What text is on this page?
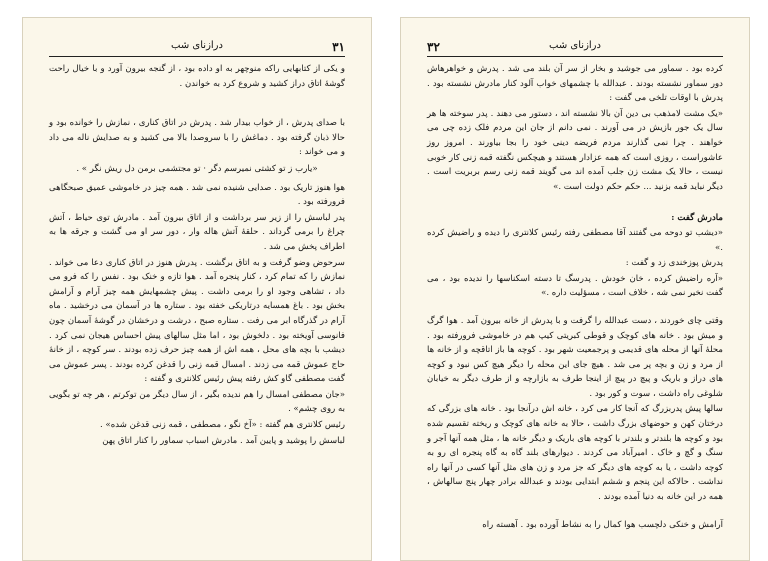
۳۱
درازنای شب

و یکی از کتابهایی راکه منوچهر به او داده بود ، از گنجه بیرون آورد و با خیال راحت گوشهٔ اتاق دراز کشید و شروع کرد به خواندن .

با صدای پدرش ، از خواب بیدار شد . پدرش در اتاق کناری ، نمازش را خوانده بود و حالا ذبان گرفته بود . دماغش را با سروصدا بالا می کشید و به صدایش ناله می داد و می خواند :

«یارب ز تو کشتی نمیرسم دگر · تو مجتشمی برمن دل ریش نگر » .

هوا هنوز تاریک بود . صدایی شنیده نمی شد . همه چیز در خاموشی عمیق صبحگاهی فرورفته بود .

پدر لباسش را از زیر سر برداشت و از اتاق بیرون آمد . مادرش توی حیاط ، آتش چراغ را برمی گرداند . حلقهٔ آتش هاله وار ، دور سر او می گشت و جرقه ها به اطراف پخش می شد .

سرحوض وضو گرفت و به اتاق برگشت . پدرش هنوز در اتاق کناری دعا می خواند . نمازش را که تمام کرد ، کنار پنجره آمد . هوا تازه و خنک بود . نفس را که فرو می داد ، تشاهی وجود او را برمی داشت . پیش چشمهایش همه چیز آرام و آرامش بخش بود . باغ همسایه درتاریکی خفته بود . ستاره ها در آسمان می درخشید . ماه آرام در گذرگاه ابر می رفت . ستاره صبح ، درشت و درخشان در گوشهٔ آسمان چون فانوسی آویخته بود . دلخوش بود ، اما مثل سالهای پیش احساس هیجان نمی کرد . دیشب با بچه های محل ، همه اش از همه چیز حرف زده بودند . سر کوچه ، از خانهٔ حاج عموش قمه می زدند . امسال قمه زنی را قدغن کرده بودند . پسر عموش می گفت مصطفی گاو کش رفته پیش رئیس کلانتری و گفته :

«جان مصطفی امسال را هم ندیده بگیر ، از سال دیگر من توکرتم ، هر چه تو بگویی به روی چشم» .

رئیس کلانتری هم گفته : «آخ نگو ، مصطفی ، قمه زنی قدغن شده» .

لباسش را پوشید و پایین آمد . مادرش اسباب سماور را کنار اتاق پهن

۳۲	درازنای شب

کرده بود . سماور می جوشید و بخار از سر آن بلند می شد . پدرش و خواهرهاش دور سماور نشسته بودند . عبدالله با چشمهای خواب آلود کنار مادرش نشسته بود . پدرش با اوقات تلخی می گفت :

«یک مشت لامذهب بی دین آن بالا نشسته اند ، دستور می دهند . پدر سوخته ها هر سال یک جور بازیش در می آورند . نمی دانم از جان این مردم فلک زده چی می خواهند . چرا نمی گذارند مردم فریضه دینی خود را بجا بیاورند . امروز روز عاشوراست ، روزی است که همه عزادار هستند و هیچکس نگفته قمه زنی کار خوبی نیست ، حالا یک مشت زن جلب آمده اند می گویند قمه زنی رسم بربریت است . دیگر نباید قمه بزنید ... حکم حکم دولت است .»

مادرش گفت :

«دیشب تو دوحه می گفتند آقا مصطفی رفته رئیس کلانتری را دیده و راضیش کرده .»

پدرش پوزخندی زد و گفت :

«آره راضیش کرده ، خان خودش . پدرسگ تا دسته اسکناسها را ندیده بود ، می گفت نخیر نمی شه ، خلاف است ، مسؤلیت داره .»

وقتی چای خوردند ، دست عبدالله را گرفت و با پدرش از خانه بیرون آمد . هوا گرگ و میش بود . خانه های کوچک و قوطی کبریتی کیپ هم در خاموشی فرورفته بود . محلهٔ آنها از محله های قدیمی و پرجمعیت شهر بود . کوچه ها باز اتاقچه و از خانه ها از مرد و زن و بچه پر می شد . هیچ جای این محله را دیگر هیچ کس نبود و کوچه های دراز و باریک و پیچ در پیچ از اینجا طرف به بازارچه و از طرف دیگر به خیابان شلوغی راه داشت ، سوت و کور بود .

سالها پیش پدربزرگ که آنجا کار می کرد ، خانه اش درآنجا بود . خانه های بزرگی که درختان کهن و حوضهای بزرگ داشت ، حالا به خانه های کوچک و ریخته تقسیم شده بود و کوچه ها بلندتر و بلندتر با کوچه های باریک و دیگر خانه ها ، مثل همه آنها آجر و سنگ و گچ و خاک . امیرآباد می کردند . دیوارهای بلند گاه به گاه پنجره ای رو به کوچه داشت ، یا به کوچه های دیگر که جز مرد و زن های مثل آنها کسی در آنها راه نداشت . حالاکه این پنجم و ششم ابتدایی بودند و عبدالله برادر چهار پنج سالهاش ، همه در این خانه به دنیا آمده بودند .

آرامش و خنکی دلچسب هوا کمال را به نشاط آورده بود . آهسته راه
